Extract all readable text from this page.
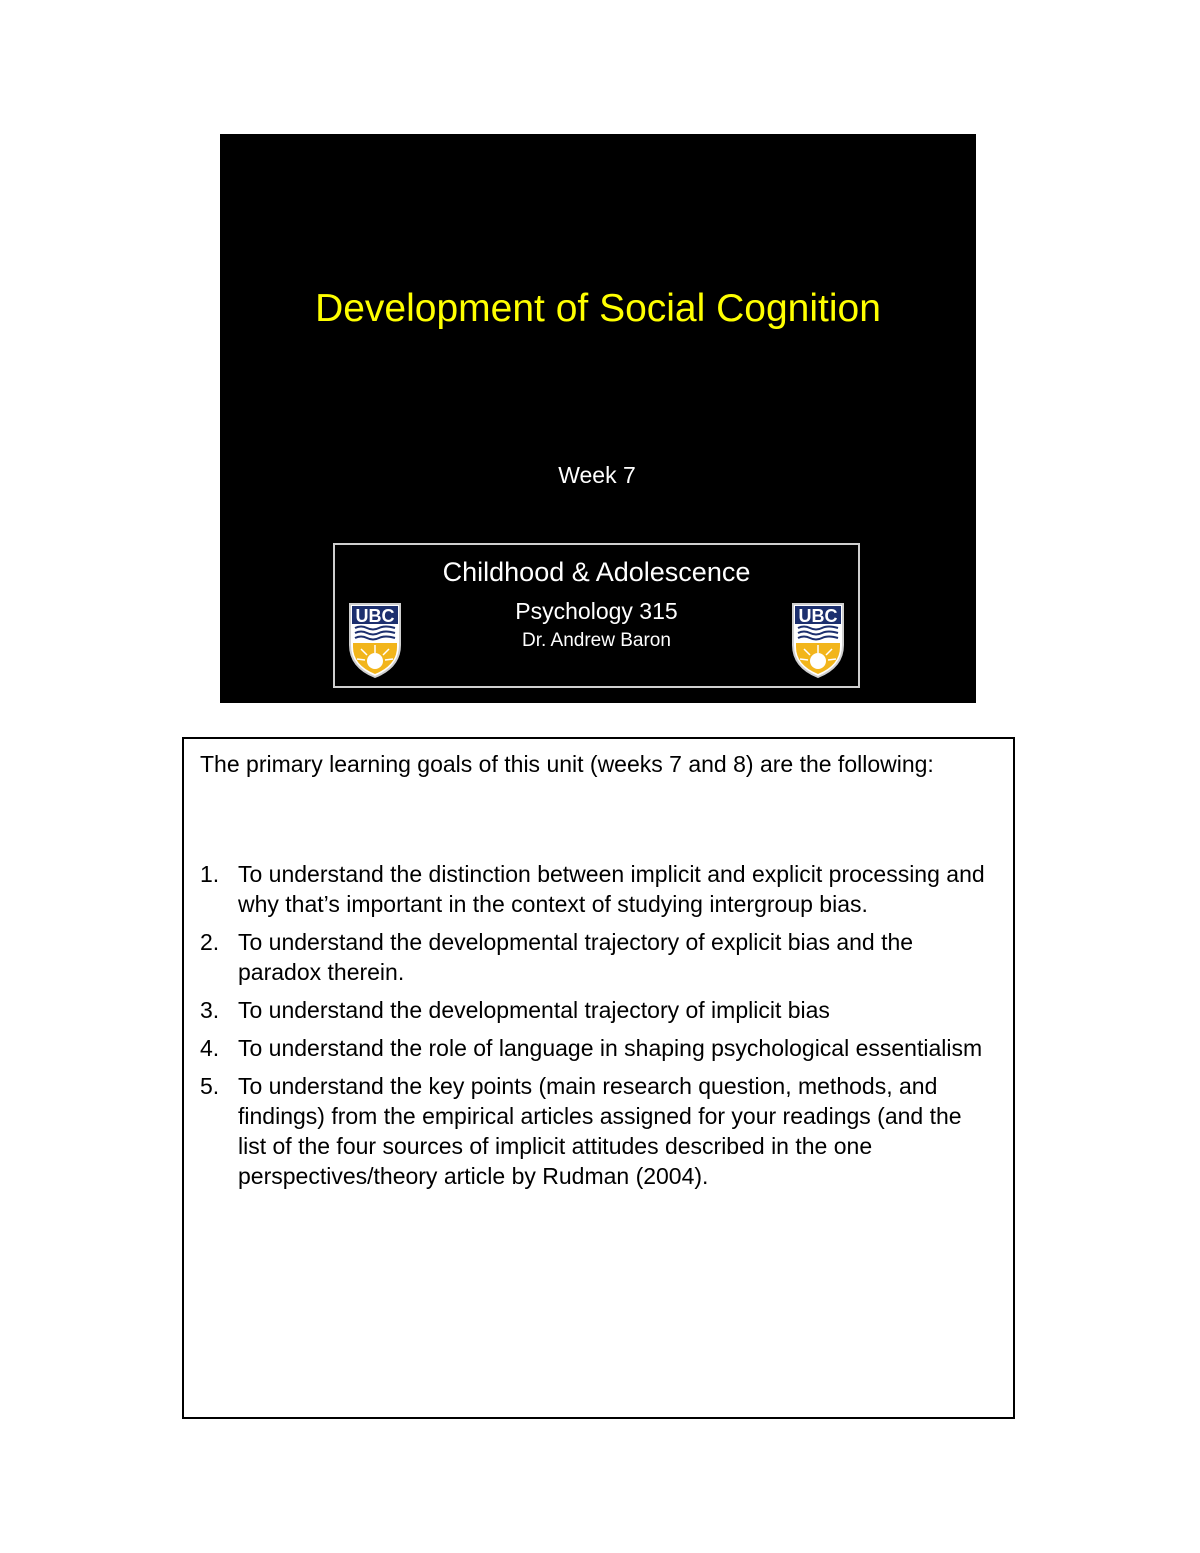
Development of Social Cognition
Week 7
UBC
Childhood & Adolescence
Psychology 315
Dr. Andrew Baron
UBC
The primary learning goals of this unit (weeks 7 and 8) are the following:
1. To understand the distinction between implicit and explicit processing and why that’s important in the context of studying intergroup bias.
2. To understand the developmental trajectory of explicit bias and the paradox therein.
3. To understand the developmental trajectory of implicit bias
4. To understand the role of language in shaping psychological essentialism
5. To understand the key points (main research question, methods, and findings) from the empirical articles assigned for your readings (and the list of the four sources of implicit attitudes described in the one perspectives/theory article by Rudman (2004).
